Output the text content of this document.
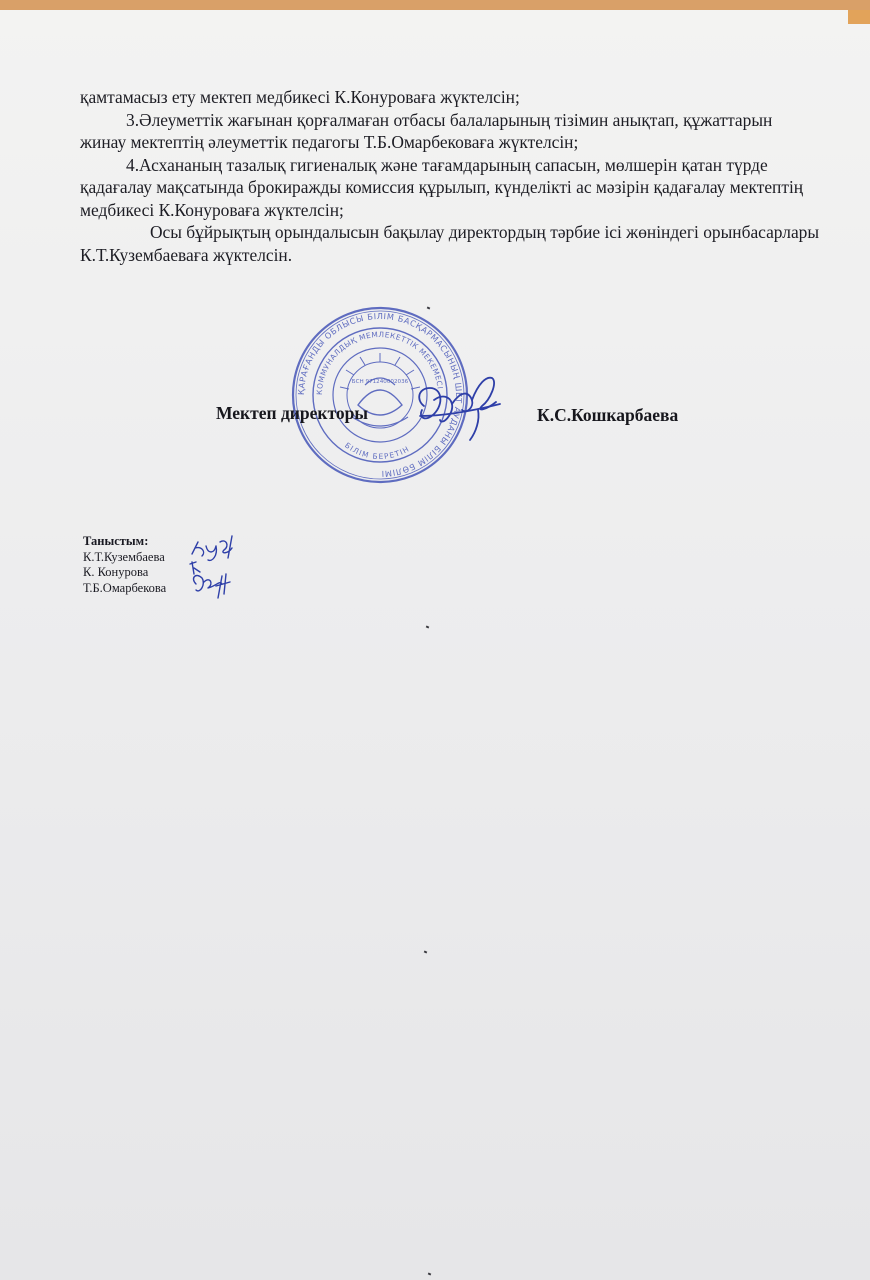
қамтамасыз ету мектеп медбикесі К.Конуроваға жүктелсін;

3.Әлеуметтік жағынан қорғалмаған отбасы балаларының тізімин анықтап, құжаттарын жинау мектептің әлеуметтік педагогы Т.Б.Омарбековаға жүктелсін;

4.Асхананың тазалық гигиеналық және тағамдарының сапасын, мөлшерін қатан түрде қадағалау мақсатында брокиражды комиссия құрылып, күнделікті ас мәзірін қадағалау мектептің медбикесі К.Конуроваға жүктелсін;

Осы бұйрықтың орындалысын бақылау директордың тәрбие ісі жөніндегі орынбасарлары К.Т.Кузембаеваға жүктелсін.

ҚАРАҒАНДЫ ОБЛЫСЫ БІЛІМ БАСҚАРМАСЫНЫҢ ШЕТ АУДАНЫ БІЛІМ БӨЛІМІ
КОММУНАЛДЫҚ МЕМЛЕКЕТТІК МЕКЕМЕСІ
БІЛІМ БЕРЕТІН
БСН 971240002036
Мектеп директоры	К.С.Кошкарбаева
Таныстым:
К.Т.Кузембаева
К. Конурова
Т.Б.Омарбекова
